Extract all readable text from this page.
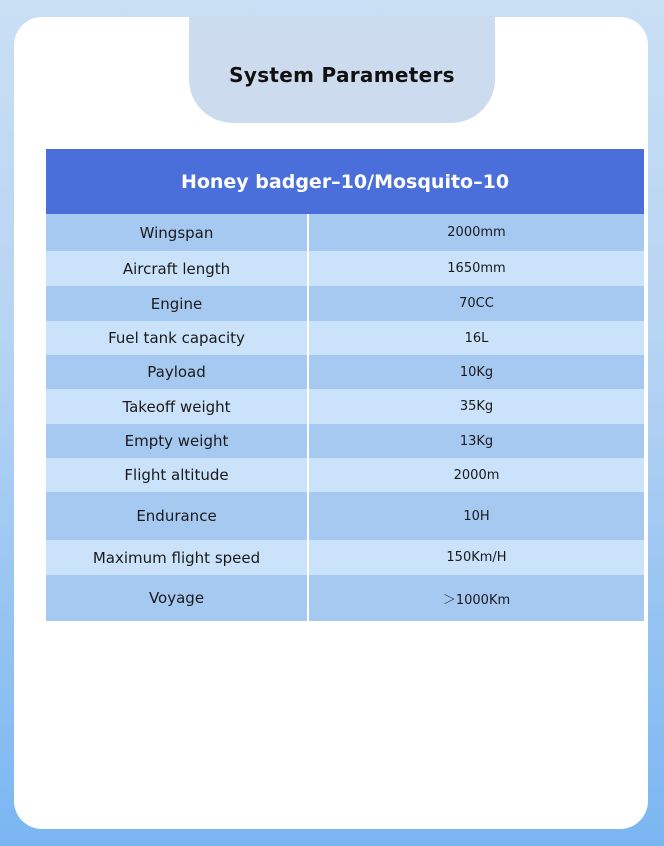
System Parameters
Honey badger–10/Mosquito–10
Wingspan	2000mm
Aircraft length	1650mm
Engine	70CC
Fuel tank capacity	16L
Payload	10Kg
Takeoff weight	35Kg
Empty weight	13Kg
Flight altitude	2000m
Endurance	10H
Maximum flight speed	150Km/H
Voyage	＞1000Km
